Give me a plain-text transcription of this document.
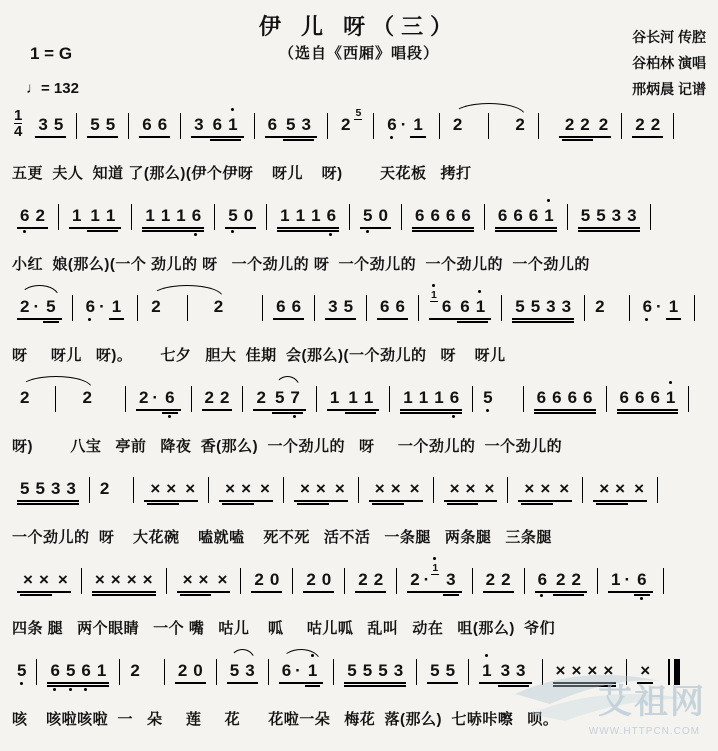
伊 儿 呀（三）
（选自《西厢》唱段）
谷长河 传腔
谷柏林 演唱
邢炳晨 记谱
1 = G
♩= 132
$\frac{1}{4} 3$ 5 5 5 6 6 3 6 1 6 5 3 256 · 1 2	2 2 2 2 2 2
五更  夫人  知道 了(那么)(伊个伊呀    呀儿    呀)        天花板   拷打
6 2 1 1 1 1 1 1 6 5 0 1 1 1 6 5 0 6 6 6 6 6 6 6 1 5 5 3 3
小红  娘(那么)(一个 劲儿的 呀   一个劲儿的 呀  一个劲儿的  一个劲儿的  一个劲儿的
2 · 5 6 · 1 2	2	6 6 3 5 6 6
1
6 6 1 5 5 3 3 2 6 · 1
呀     呀儿   呀)。      七夕   胆大  佳期  会(那么)(一个劲儿的   呀    呀儿
2	2	2 · 6 2 2 2 5 7 1 1 1 1 1 1 6 5	6 6 6 6 6 6 6 1
呀)        八宝   亭前   降夜  香(那么)  一个劲儿的   呀     一个劲儿的  一个劲儿的
5 5 3 3 2 × × × × × × × × × × × × × × × × × × × × ×
一个劲儿的  呀    大花碗    嗑就嗑    死不死   活不活   一条腿   两条腿   三条腿
× × × × × × × × × × 2 0 2 0 2 2 2 ·1
3 2 2 6 2 2 1 · 6
四条 腿   两个眼睛   一个 嘴   咕儿    呱     咕儿呱   乱叫   动在   咀(那么)  爷们
5 6 5 6 1 2 2 0 5 3 6 · 1 5 5 5 3 5 5 1 3 3 × × × × ×
咳    咳啦咳啦  一   朵     莲     花      花啦一朵   梅花  落(那么)  七哧咔嚓   呗。	艾祖网
WWW.HTTPCN.COM
